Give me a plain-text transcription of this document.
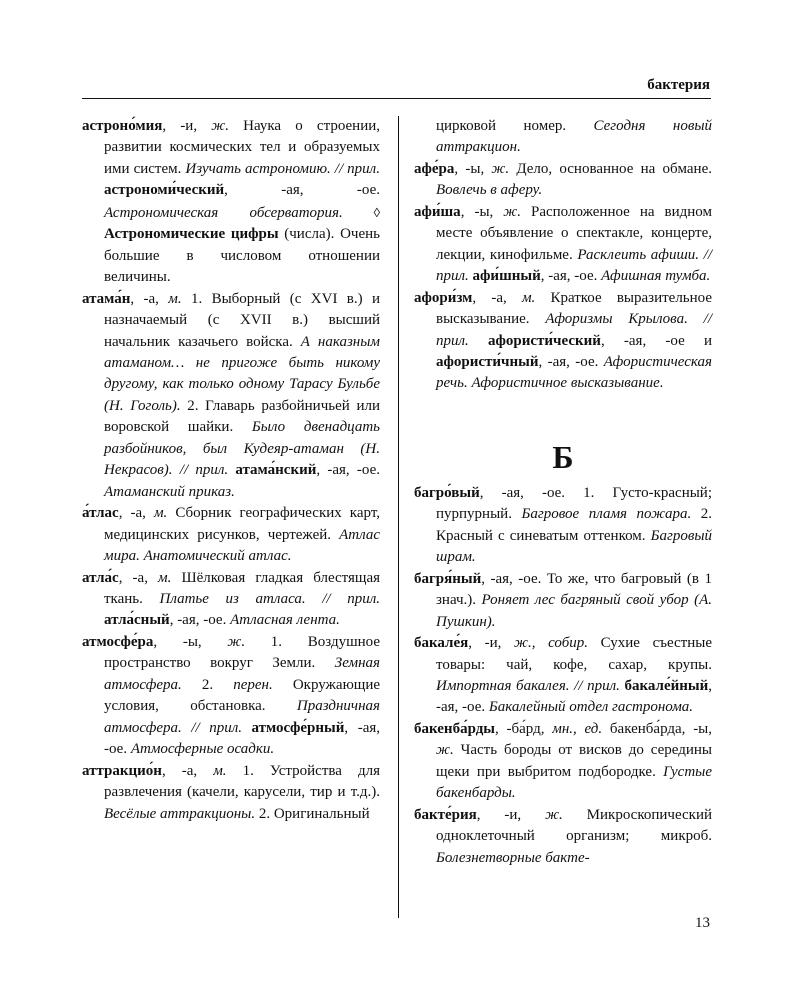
бактерия

астроно́мия, -и, ж. Наука о строении, развитии космических тел и образуемых ими систем. Изучать астрономию. // прил. астрономи́ческий, -ая, -ое. Астрономическая обсерватория. ◊ Астрономические цифры (числа). Очень большие в числовом отношении величины.

атама́н, -а, м. 1. Выборный (с XVI в.) и назначаемый (с XVII в.) высший начальник казачьего войска. А наказным атаманом… не пригоже быть никому другому, как только одному Тарасу Бульбе (Н. Гоголь). 2. Главарь разбойничьей или воровской шайки. Было двенадцать разбойников, был Кудеяр-атаман (Н. Некрасов). // прил. атама́нский, -ая, -ое. Атаманский приказ.

а́тлас, -а, м. Сборник географических карт, медицинских рисунков, чертежей. Атлас мира. Анатомический атлас.

атла́с, -а, м. Шёлковая гладкая блестящая ткань. Платье из атласа. // прил. атла́сный, -ая, -ое. Атласная лента.

атмосфе́ра, -ы, ж. 1. Воздушное пространство вокруг Земли. Земная атмосфера. 2. перен. Окружающие условия, обстановка. Праздничная атмосфера. // прил. атмосфе́рный, -ая, -ое. Атмосферные осадки.

аттракцио́н, -а, м. 1. Устройства для развлечения (качели, карусели, тир и т.д.). Весёлые аттракционы. 2. Оригинальный

цирковой номер. Сегодня новый аттракцион.

афе́ра, -ы, ж. Дело, основанное на обмане. Вовлечь в аферу.

афи́ша, -ы, ж. Расположенное на видном месте объявление о спектакле, концерте, лекции, кинофильме. Расклеить афиши. // прил. афи́шный, -ая, -ое. Афишная тумба.

афори́зм, -а, м. Краткое выразительное высказывание. Афоризмы Крылова. // прил. афористи́ческий, -ая, -ое и афористи́чный, -ая, -ое. Афористическая речь. Афористичное высказывание.

Б

багро́вый, -ая, -ое. 1. Густо-красный; пурпурный. Багровое пламя пожара. 2. Красный с синеватым оттенком. Багровый шрам.

багря́ный, -ая, -ое. То же, что багровый (в 1 знач.). Роняет лес багряный свой убор (А. Пушкин).

бакале́я, -и, ж., собир. Сухие съестные товары: чай, кофе, сахар, крупы. Импортная бакалея. // прил. бакале́йный, -ая, -ое. Бакалейный отдел гастронома.

бакенба́рды, -ба́рд, мн., ед. бакенба́рда, -ы, ж. Часть бороды от висков до середины щеки при выбритом подбородке. Густые бакенбарды.

бакте́рия, -и, ж. Микроскопический одноклеточный организм; микроб. Болезнетворные бакте-

13
